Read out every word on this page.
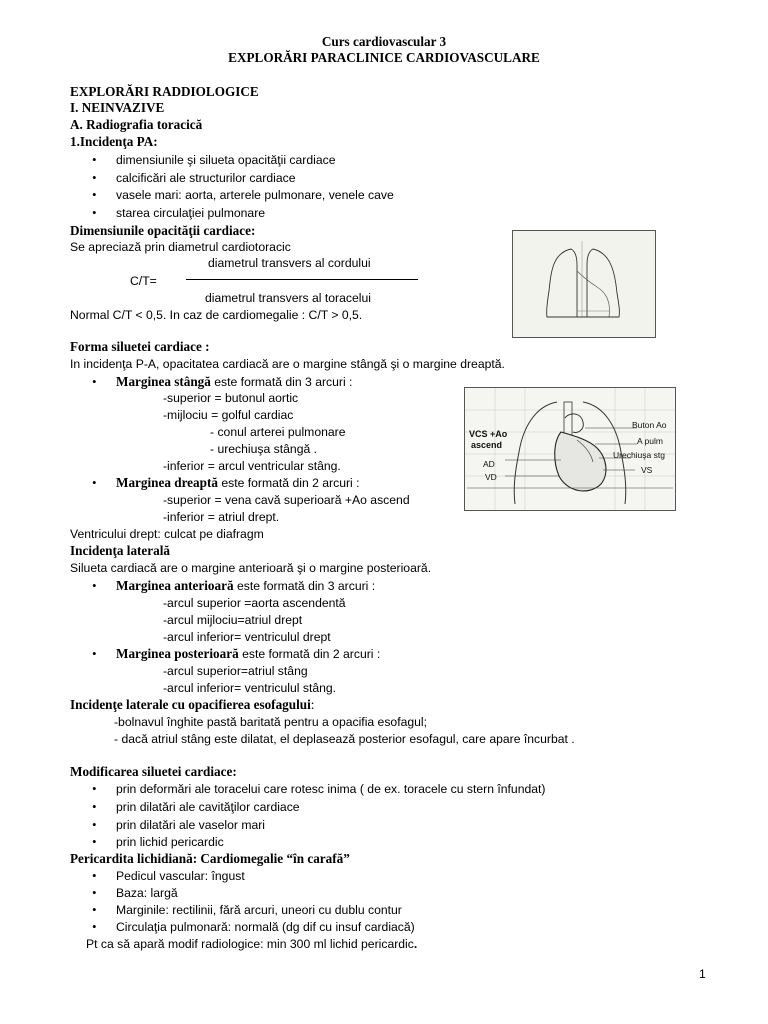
Curs cardiovascular 3
EXPLORĂRI PARACLINICE CARDIOVASCULARE
EXPLORĂRI RADDIOLOGICE
I. NEINVAZIVE
A. Radiografia toracică
1.Incidenţa PA:
• dimensiunile şi silueta opacităţii cardiace
• calcificări ale structurilor cardiace
• vasele mari: aorta, arterele pulmonare, venele cave
• starea circulaţiei pulmonare
Dimensiunile opacităţii cardiace:
Se apreciază prin diametrul cardiotoracic
diametrul transvers al cordului
C/T=
diametrul transvers al toracelui
Normal C/T < 0,5. In caz de cardiomegalie : C/T > 0,5.
Forma siluetei cardiace :
In incidenţa P-A, opacitatea cardiacă are o margine stângă şi o margine dreaptă.
• Marginea stângă este formată din 3 arcuri :
-superior = butonul aortic
-mijlociu = golful cardiac
- conul arterei pulmonare
- urechiuşa stângă .
-inferior = arcul ventricular stâng.
• Marginea dreaptă este formată din 2 arcuri :
-superior = vena cavă superioară +Ao ascend
-inferior = atriul drept.
Ventricului drept: culcat pe diafragm
VCS +Ao
ascend
AD
VD
Buton Ao
A pulm
Urechiuşa stg
VS
Incidenţa laterală
Silueta cardiacă are o margine anterioară şi o margine posterioară.
• Marginea anterioară este formată din 3 arcuri :
-arcul superior =aorta ascendentă
-arcul mijlociu=atriul drept
-arcul inferior= ventriculul drept
• Marginea posterioară este formată din 2 arcuri :
-arcul superior=atriul stâng
-arcul inferior= ventriculul stâng.
Incidenţe laterale cu opacifierea esofagului:
-bolnavul înghite pastă baritată pentru a opacifia esofagul;
- dacă atriul stâng este dilatat, el deplasează posterior esofagul, care apare încurbat .
Modificarea siluetei cardiace:
• prin deformări ale toracelui care rotesc inima ( de ex. toracele cu stern înfundat)
• prin dilatări ale cavităţilor cardiace
• prin dilatări ale vaselor mari
• prin lichid pericardic
Pericardita lichidiană: Cardiomegalie “în carafă”
• Pedicul vascular: îngust
• Baza: largă
• Marginile: rectilinii, fără arcuri, uneori cu dublu contur
• Circulaţia pulmonară: normală (dg dif cu insuf cardiacă)
Pt ca să apară modif radiologice: min 300 ml lichid pericardic.
1
